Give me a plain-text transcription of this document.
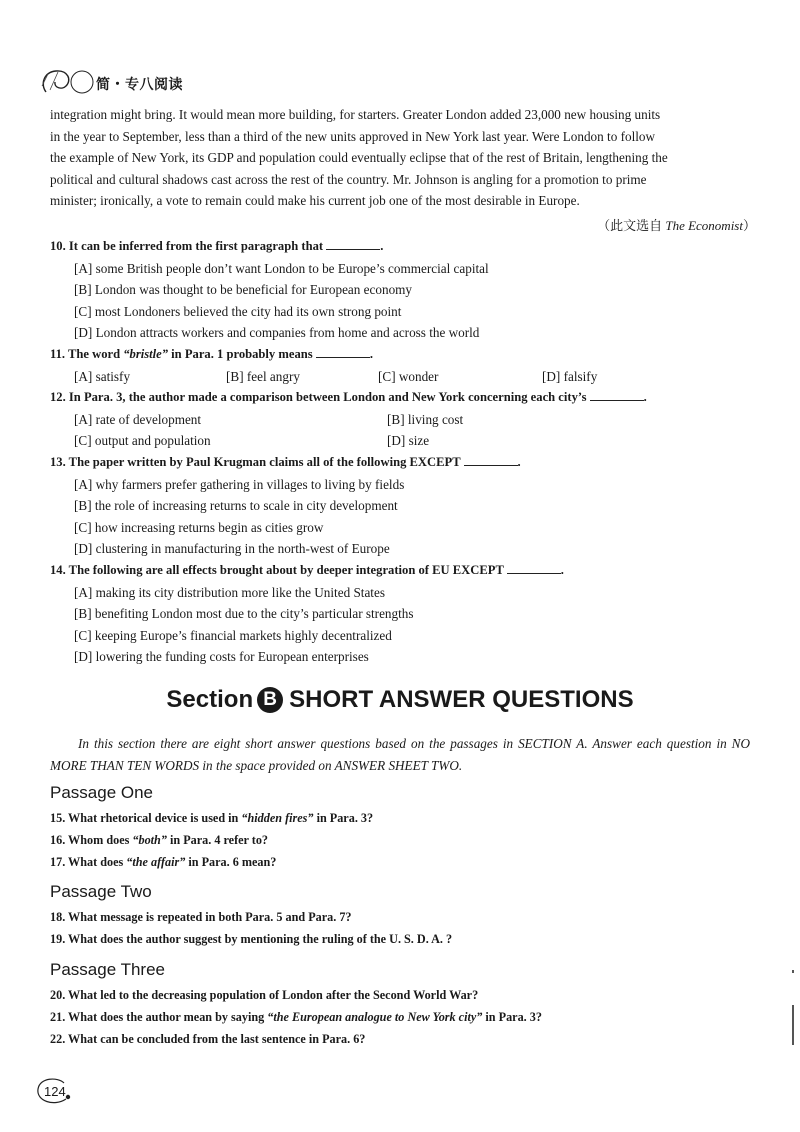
简・专八阅读
integration might bring. It would mean more building, for starters. Greater London added 23,000 new housing units
in the year to September, less than a third of the new units approved in New York last year. Were London to follow
the example of New York, its GDP and population could eventually eclipse that of the rest of Britain, lengthening the
political and cultural shadows cast across the rest of the country. Mr. Johnson is angling for a promotion to prime
minister; ironically, a vote to remain could make his current job one of the most desirable in Europe.
（此文选自 The Economist）
10. It can be inferred from the first paragraph that	.
[A] some British people don’t want London to be Europe’s commercial capital
[B] London was thought to be beneficial for European economy
[C] most Londoners believed the city had its own strong point
[D] London attracts workers and companies from home and across the world
11. The word “bristle” in Para. 1 probably means	.
[A] satisfy	[B] feel angry	[C] wonder	[D] falsify
12. In Para. 3, the author made a comparison between London and New York concerning each city’s	.
[A] rate of development	[B] living cost
[C] output and population	[D] size
13. The paper written by Paul Krugman claims all of the following EXCEPT	.
[A] why farmers prefer gathering in villages to living by fields
[B] the role of increasing returns to scale in city development
[C] how increasing returns begin as cities grow
[D] clustering in manufacturing in the north-west of Europe
14. The following are all effects brought about by deeper integration of EU EXCEPT	.
[A] making its city distribution more like the United States
[B] benefiting London most due to the city’s particular strengths
[C] keeping Europe’s financial markets highly decentralized
[D] lowering the funding costs for European enterprises
Section B SHORT ANSWER QUESTIONS
In this section there are eight short answer questions based on the passages in SECTION A. Answer each question in NO MORE THAN TEN WORDS in the space provided on ANSWER SHEET TWO.
Passage One
15. What rhetorical device is used in “hidden fires” in Para. 3?
16. Whom does “both” in Para. 4 refer to?
17. What does “the affair” in Para. 6 mean?
Passage Two
18. What message is repeated in both Para. 5 and Para. 7?
19. What does the author suggest by mentioning the ruling of the U. S. D. A. ?
Passage Three
20. What led to the decreasing population of London after the Second World War?
21. What does the author mean by saying “the European analogue to New York city” in Para. 3?
22. What can be concluded from the last sentence in Para. 6?
124
